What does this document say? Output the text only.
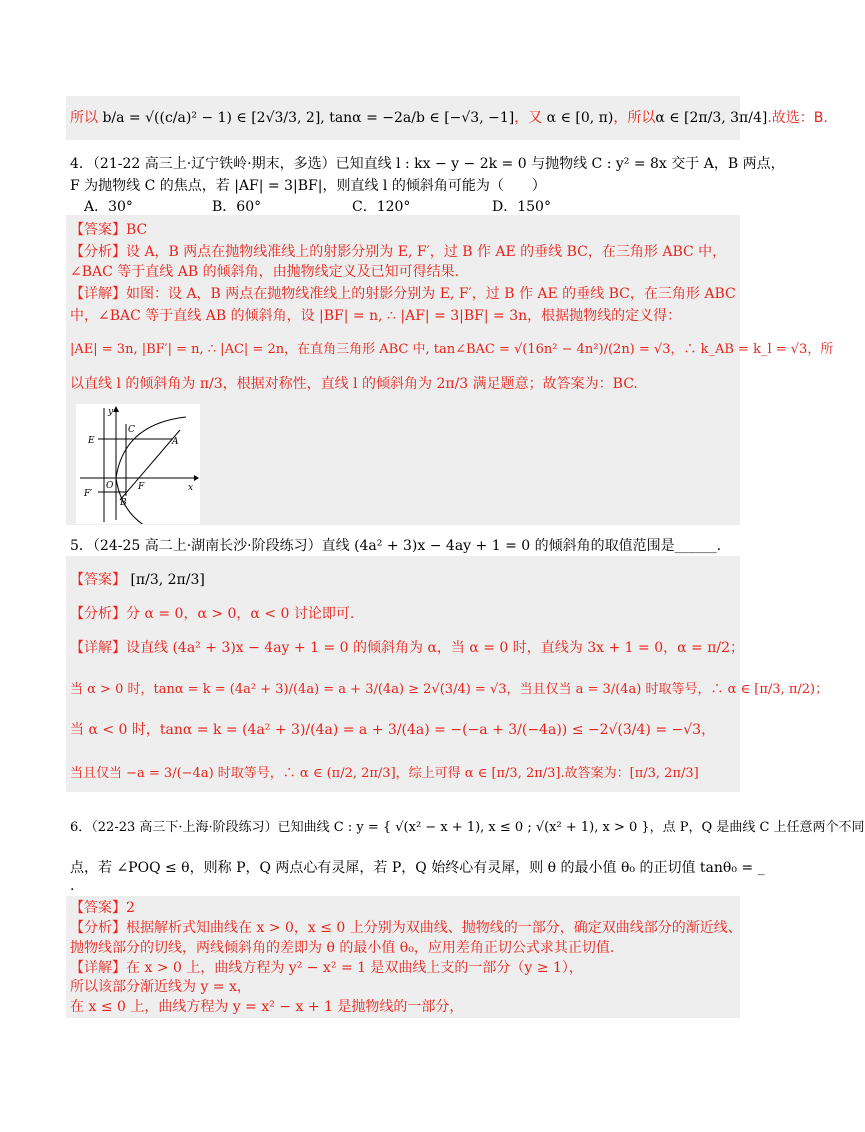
所以 b/a = √((c/a)² − 1) ∈ [2√3/3, 2], tanα = −2a/b ∈ [−√3, −1]，又 α ∈ [0, π)，所以α ∈ [2π/3, 3π/4].故选：B.
4．（21-22 高三上·辽宁铁岭·期末，多选）已知直线 l : kx − y − 2k = 0 与抛物线 C : y² = 8x 交于 A，B 两点，
F 为抛物线 C 的焦点，若 |AF| = 3|BF|，则直线 l 的倾斜角可能为（　　）
A．30°	B．60°	C．120°	D．150°
【答案】BC
【分析】设 A，B 两点在抛物线准线上的射影分别为 E, F′，过 B 作 AE 的垂线 BC，在三角形 ABC 中，
∠BAC 等于直线 AB 的倾斜角，由抛物线定义及已知可得结果.
【详解】如图：设 A，B 两点在抛物线准线上的射影分别为 E, F′，过 B 作 AE 的垂线 BC，在三角形 ABC
中，∠BAC 等于直线 AB 的倾斜角，设 |BF| = n, ∴ |AF| = 3|BF| = 3n，根据抛物线的定义得：
|AE| = 3n, |BF′| = n, ∴ |AC| = 2n，在直角三角形 ABC 中, tan∠BAC = √(16n² − 4n²)/(2n) = √3，∴ k_AB = k_l = √3，所
以直线 l 的倾斜角为 π/3，根据对称性，直线 l 的倾斜角为 2π/3 满足题意；故答案为：BC.
y
x
E
C
A
O	F
F′
B
5．（24-25 高二上·湖南长沙·阶段练习）直线 (4a² + 3)x − 4ay + 1 = 0 的倾斜角的取值范围是______.
【答案】 [π/3, 2π/3]
【分析】分 α = 0，α > 0，α < 0 讨论即可.
【详解】设直线 (4a² + 3)x − 4ay + 1 = 0 的倾斜角为 α，当 α = 0 时，直线为 3x + 1 = 0，α = π/2；
当 α > 0 时，tanα = k = (4a² + 3)/(4a) = a + 3/(4a) ≥ 2√(3/4) = √3，当且仅当 a = 3/(4a) 时取等号，∴ α ∈ [π/3, π/2)；
当 α < 0 时，tanα = k = (4a² + 3)/(4a) = a + 3/(4a) = −(−a + 3/(−4a)) ≤ −2√(3/4) = −√3，
当且仅当 −a = 3/(−4a) 时取等号，∴ α ∈ (π/2, 2π/3]，综上可得 α ∈ [π/3, 2π/3].故答案为：[π/3, 2π/3]
6．（22-23 高三下·上海·阶段练习）已知曲线 C : y = { √(x² − x + 1), x ≤ 0 ; √(x² + 1), x > 0 }，点 P，Q 是曲线 C 上任意两个不同
点，若 ∠POQ ≤ θ，则称 P，Q 两点心有灵犀，若 P，Q 始终心有灵犀，则 θ 的最小值 θ₀ 的正切值 tanθ₀ = _
.
【答案】2
【分析】根据解析式知曲线在 x > 0，x ≤ 0 上分别为双曲线、抛物线的一部分，确定双曲线部分的渐近线、
抛物线部分的切线，两线倾斜角的差即为 θ 的最小值 θ₀，应用差角正切公式求其正切值.
【详解】在 x > 0 上，曲线方程为 y² − x² = 1 是双曲线上支的一部分（y ≥ 1），
所以该部分渐近线为 y = x，
在 x ≤ 0 上，曲线方程为 y = x² − x + 1 是抛物线的一部分，
